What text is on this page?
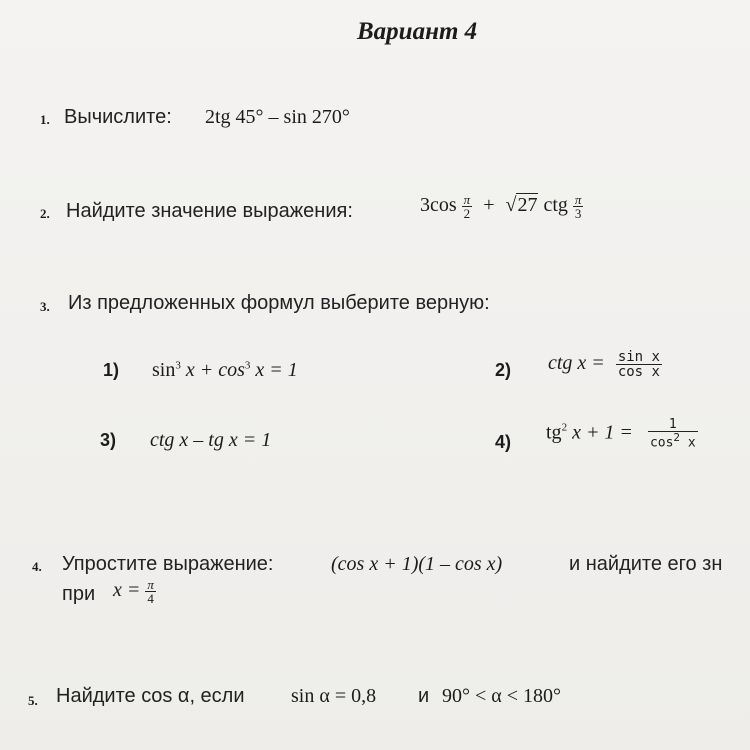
Вариант 4
1. Вычислите: 2tg 45° – sin 270°
2. Найдите значение выражения:	$3\cos \frac{\pi}{2} + √27$ ctg $\frac{\pi}{3}$
3. Из предложенных формул выберите верную:
1) $\sin^3 x + \cos^3 x = 1$	2) ctg $x = \frac{\text{sin x}}{\text{cos x}}$
3) ctg x – tg x = 1	4) $tg^2$ $x + 1 = \frac{1}{\cos^2 x}$
4. Упростите выражение:	(cos x + 1)(1 – cos x)	и найдите его зн
при $x = \frac{\pi}{4}$
5. Найдите cos α, если sin α = 0,8 и 90° < α < 180°
